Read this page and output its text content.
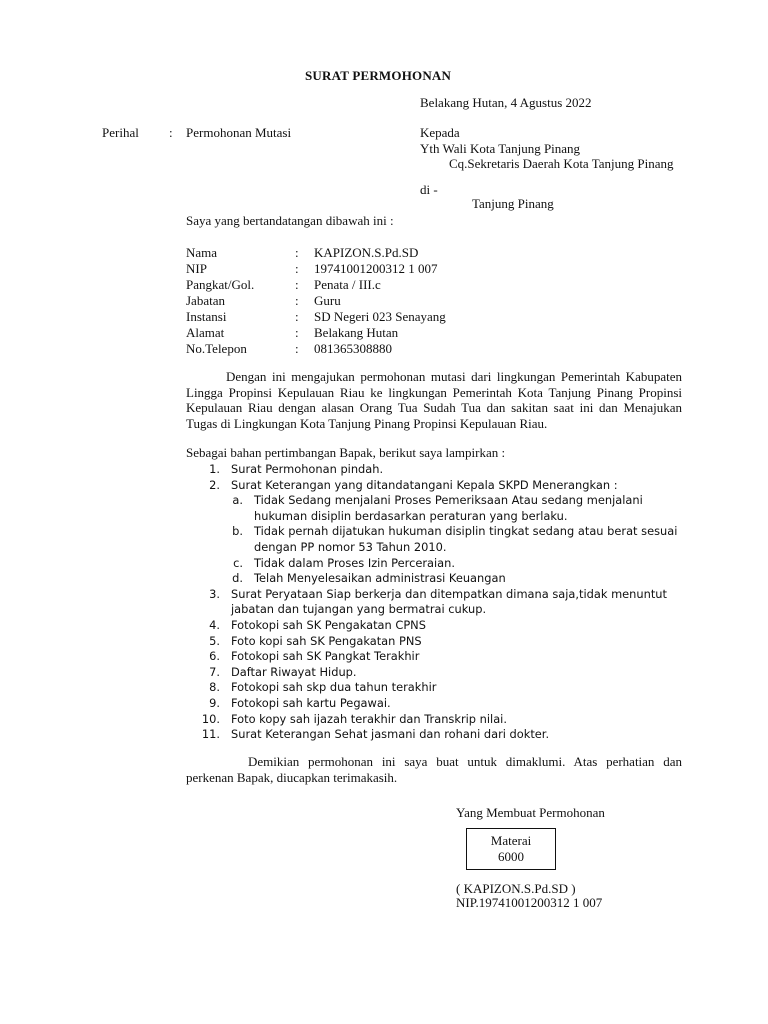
SURAT PERMOHONAN
Belakang Hutan, 4 Agustus 2022
Perihal : Permohonan Mutasi	Kepada
Yth Wali Kota Tanjung Pinang
Cq.Sekretaris Daerah Kota Tanjung Pinang
di -
Tanjung Pinang
Saya yang bertandatangan dibawah ini :
Nama	: KAPIZON.S.Pd.SD
NIP	: 19741001200312 1 007
Pangkat/Gol.	: Penata / III.c
Jabatan	: Guru
Instansi	: SD Negeri 023 Senayang
Alamat	: Belakang Hutan
No.Telepon	: 081365308880
Dengan ini mengajukan permohonan mutasi dari lingkungan Pemerintah Kabupaten Lingga Propinsi Kepulauan Riau ke lingkungan Pemerintah Kota Tanjung Pinang Propinsi Kepulauan Riau dengan alasan Orang Tua Sudah Tua dan sakitan saat ini dan Menajukan Tugas di Lingkungan Kota Tanjung Pinang Propinsi Kepulauan Riau.
Sebagai bahan pertimbangan Bapak, berikut saya lampirkan :
1. Surat Permohonan pindah.
2. Surat Keterangan yang ditandatangani Kepala SKPD Menerangkan :
a. Tidak Sedang menjalani Proses Pemeriksaan Atau sedang menjalani
hukuman disiplin berdasarkan peraturan yang berlaku.
b. Tidak pernah dijatukan hukuman disiplin tingkat sedang atau berat sesuai
dengan PP nomor 53 Tahun 2010.
c. Tidak dalam Proses Izin Perceraian.
d. Telah Menyelesaikan administrasi Keuangan
3. Surat Peryataan Siap berkerja dan ditempatkan dimana saja,tidak menuntut
jabatan dan tujangan yang bermatrai cukup.
4. Fotokopi sah SK Pengakatan CPNS
5. Foto kopi sah SK Pengakatan PNS
6. Fotokopi sah SK Pangkat Terakhir
7. Daftar Riwayat Hidup.
8. Fotokopi sah skp dua tahun terakhir
9. Fotokopi sah kartu Pegawai.
10. Foto kopy sah ijazah terakhir dan Transkrip nilai.
11. Surat Keterangan Sehat jasmani dan rohani dari dokter.
Demikian permohonan ini saya buat untuk dimaklumi. Atas perhatian dan perkenan Bapak, diucapkan terimakasih.
Yang Membuat Permohonan
Materai
6000
( KAPIZON.S.Pd.SD )
NIP.19741001200312 1 007
